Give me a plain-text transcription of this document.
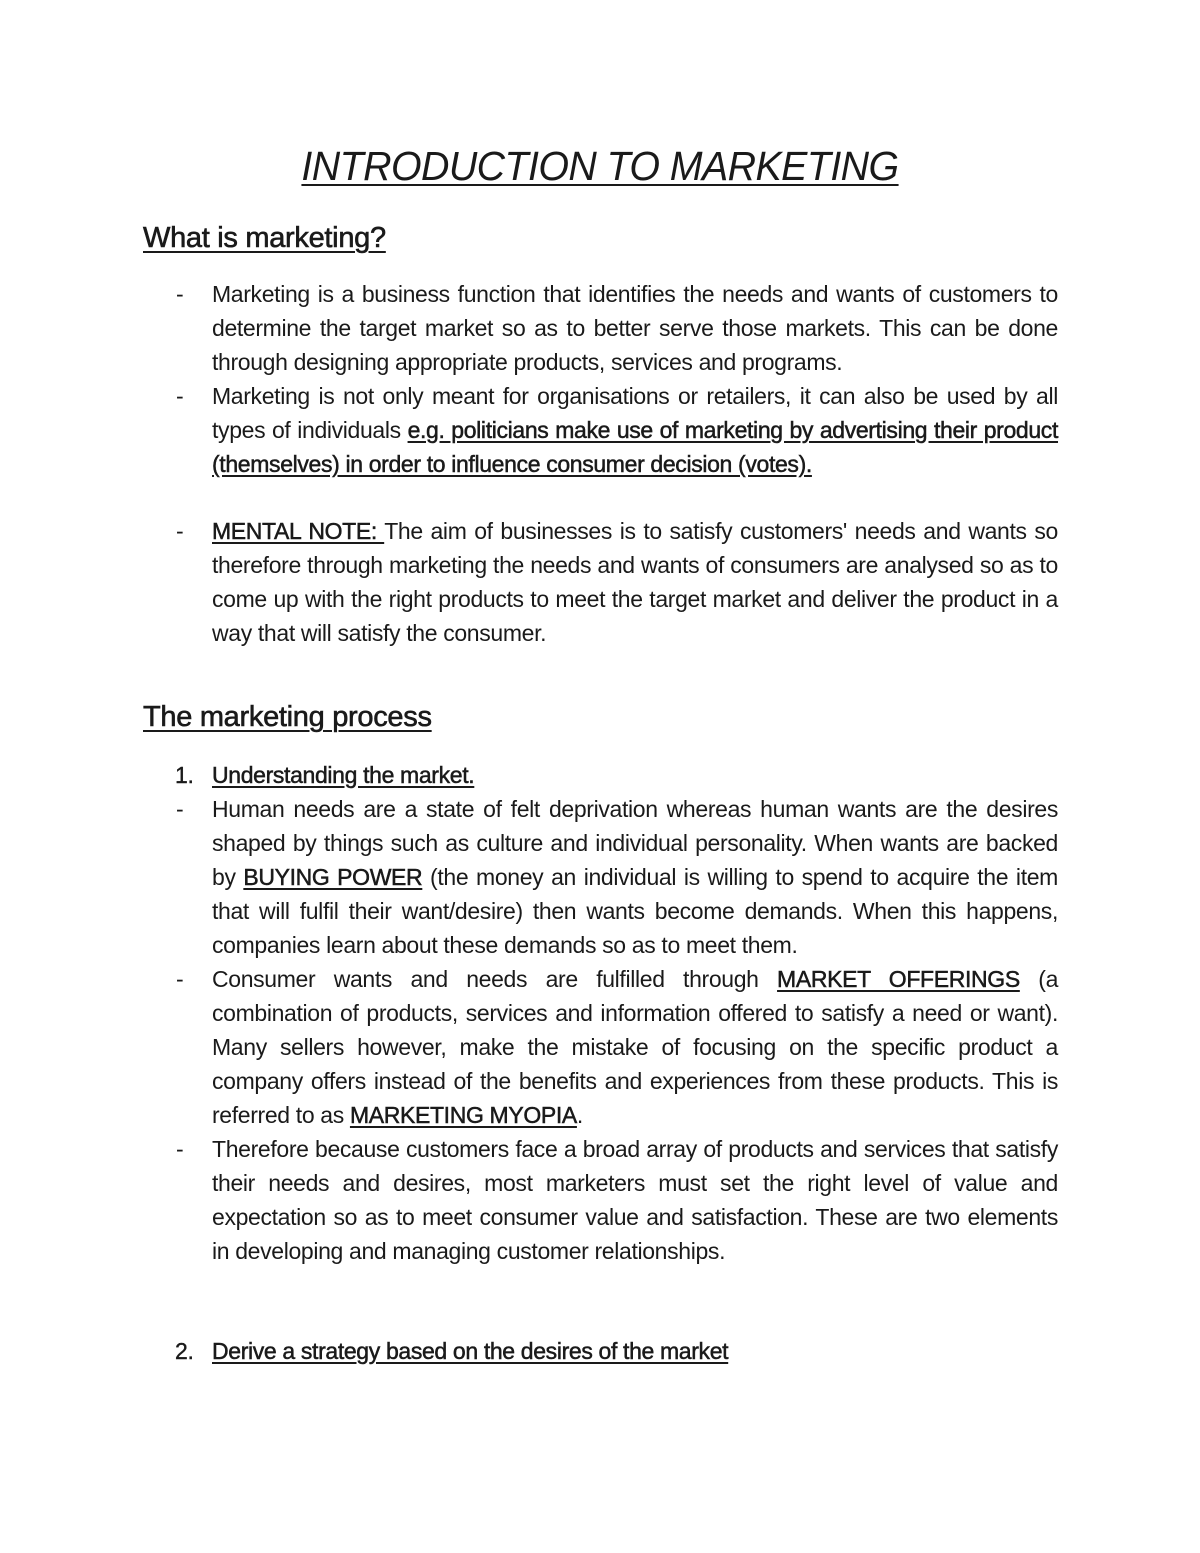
INTRODUCTION TO MARKETING
What is marketing?

-	Marketing is a business function that identifies the needs and wants of customers to determine the target market so as to better serve those markets. This can be done through designing appropriate products, services and programs.

-	Marketing is not only meant for organisations or retailers, it can also be used by all types of individuals e.g. politicians make use of marketing by advertising their product (themselves) in order to influence consumer decision (votes).

-	MENTAL NOTE: The aim of businesses is to satisfy customers' needs and wants so therefore through marketing the needs and wants of consumers are analysed so as to come up with the right products to meet the target market and deliver the product in a way that will satisfy the consumer.

The marketing process

1. Understanding the market.

-	Human needs are a state of felt deprivation whereas human wants are the desires shaped by things such as culture and individual personality. When wants are backed by BUYING POWER (the money an individual is willing to spend to acquire the item that will fulfil their want/desire) then wants become demands. When this happens, companies learn about these demands so as to meet them.

-	Consumer wants and needs are fulfilled through MARKET OFFERINGS (a combination of products, services and information offered to satisfy a need or want). Many sellers however, make the mistake of focusing on the specific product a company offers instead of the benefits and experiences from these products. This is referred to as MARKETING MYOPIA.

-	Therefore because customers face a broad array of products and services that satisfy their needs and desires, most marketers must set the right level of value and expectation so as to meet consumer value and satisfaction. These are two elements in developing and managing customer relationships.

2. Derive a strategy based on the desires of the market
